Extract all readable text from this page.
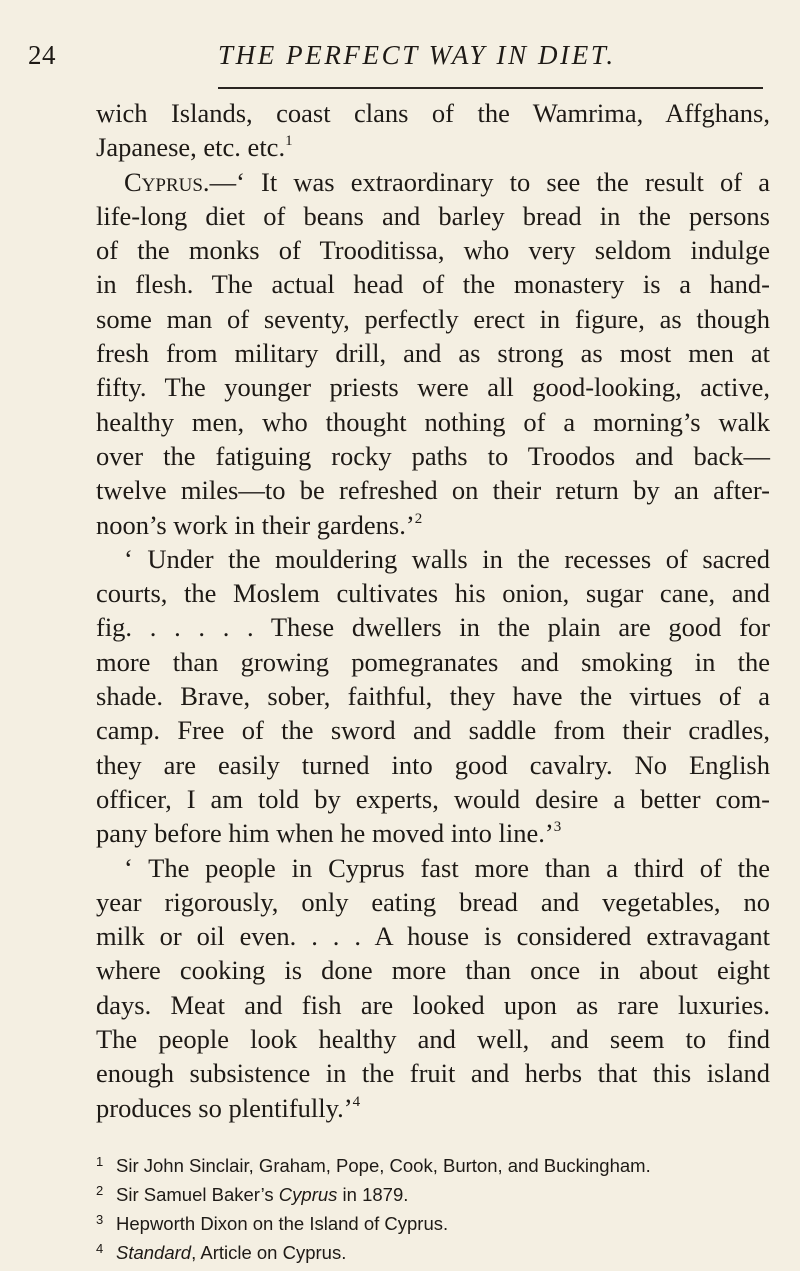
24	THE PERFECT WAY IN DIET.

wich Islands, coast clans of the Wamrima, Affghans,
Japanese, etc. etc.$^1$

Cyprus.—‘ It was extraordinary to see the result of a
life-long diet of beans and barley bread in the persons
of the monks of Trooditissa, who very seldom indulge
in flesh. The actual head of the monastery is a hand-
some man of seventy, perfectly erect in figure, as though
fresh from military drill, and as strong as most men at
fifty. The younger priests were all good-looking, active,
healthy men, who thought nothing of a morning’s walk
over the fatiguing rocky paths to Troodos and back—
twelve miles—to be refreshed on their return by an after-
noon’s work in their gardens.’$^2$

‘ Under the mouldering walls in the recesses of sacred
courts, the Moslem cultivates his onion, sugar cane, and
fig. . . . . . These dwellers in the plain are good for
more than growing pomegranates and smoking in the
shade. Brave, sober, faithful, they have the virtues of a
camp. Free of the sword and saddle from their cradles,
they are easily turned into good cavalry. No English
officer, I am told by experts, would desire a better com-
pany before him when he moved into line.’$^3$

‘ The people in Cyprus fast more than a third of the
year rigorously, only eating bread and vegetables, no
milk or oil even. . . . A house is considered extravagant
where cooking is done more than once in about eight
days. Meat and fish are looked upon as rare luxuries.
The people look healthy and well, and seem to find
enough subsistence in the fruit and herbs that this island
produces so plentifully.’$^4$

1 Sir John Sinclair, Graham, Pope, Cook, Burton, and Buckingham.
2 Sir Samuel Baker’s Cyprus in 1879.
3 Hepworth Dixon on the Island of Cyprus.
4 Standard, Article on Cyprus.
